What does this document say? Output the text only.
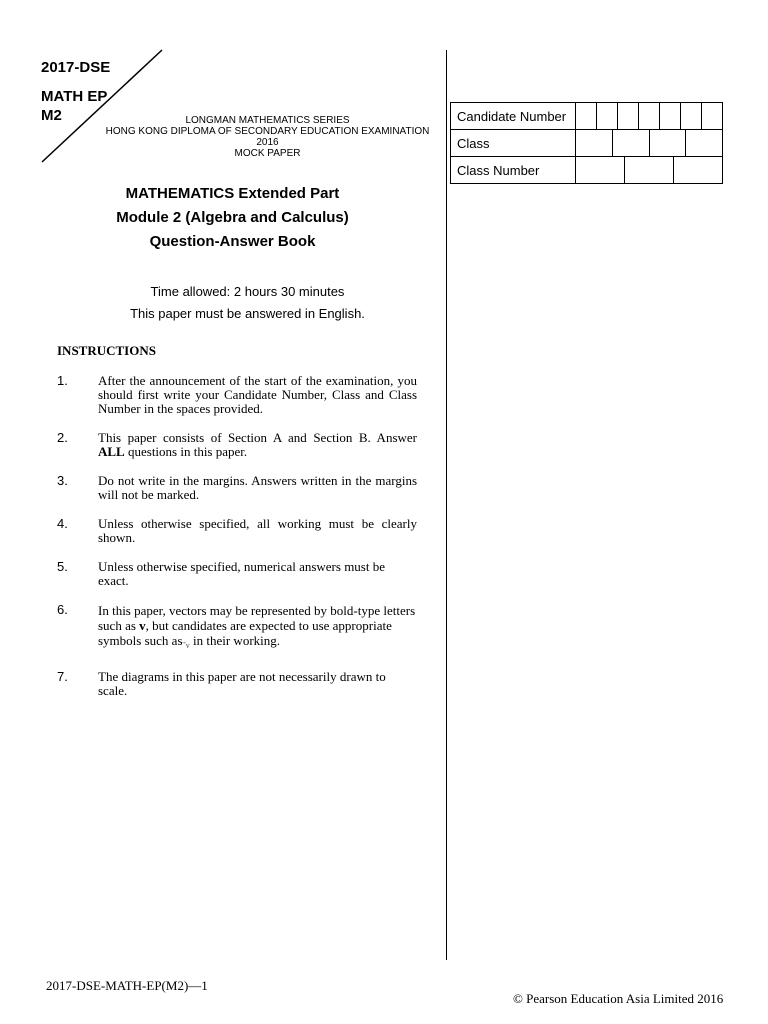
2017-DSE
MATH EP
M2	LONGMAN MATHEMATICS SERIES
HONG KONG DIPLOMA OF SECONDARY EDUCATION EXAMINATION
2016
MOCK PAPER
MATHEMATICS Extended Part
Module 2 (Algebra and Calculus)
Question-Answer Book
Time allowed: 2 hours 30 minutes
This paper must be answered in English.
INSTRUCTIONS
1. After the announcement of the start of the examination, you should first write your Candidate Number, Class and Class Number in the spaces provided.
2. This paper consists of Section A and Section B. Answer ALL questions in this paper.
3. Do not write in the margins. Answers written in the margins will not be marked.
4. Unless otherwise specified, all working must be clearly shown.
5. Unless otherwise specified, numerical answers must be exact.
6. In this paper, vectors may be represented by bold-type letters such as v, but candidates are expected to use appropriate symbols such as v in their working.
7. The diagrams in this paper are not necessarily drawn to scale.
Candidate Number	

Class	

Class Number	
2017-DSE-MATH-EP(M2)—1
© Pearson Education Asia Limited 2016
